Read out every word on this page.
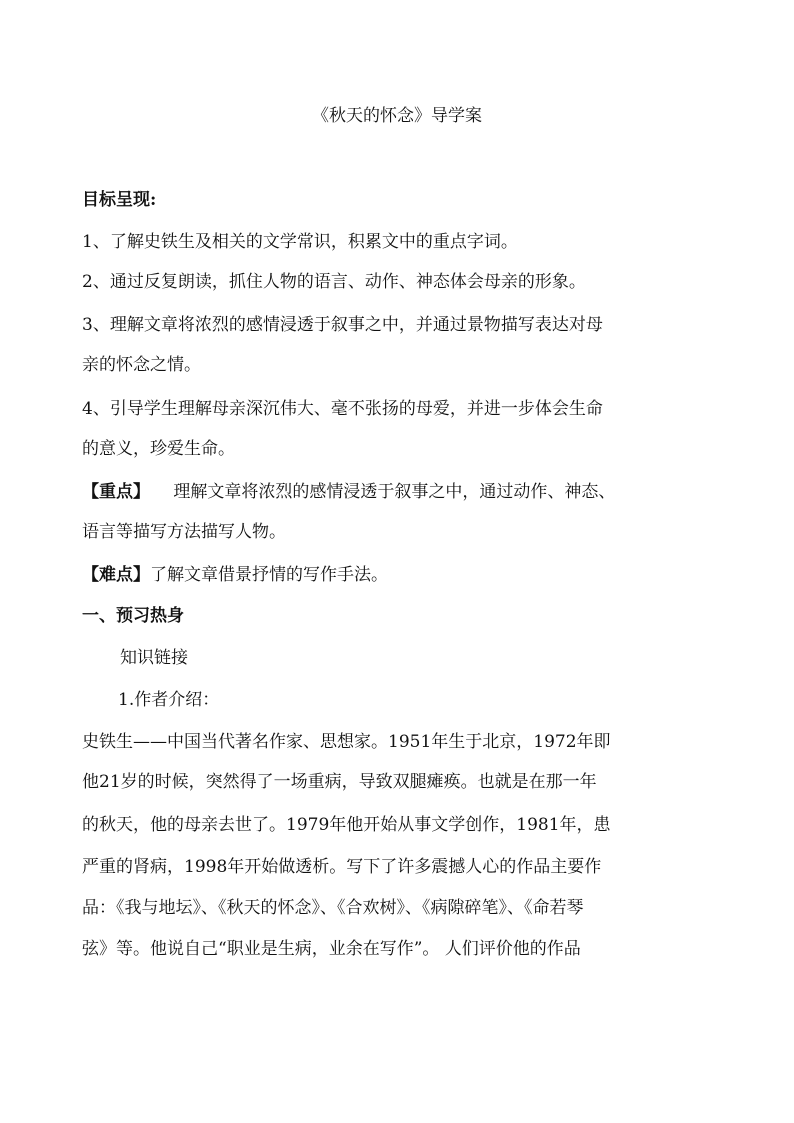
《秋天的怀念》导学案
目标呈现:
1、了解史铁生及相关的文学常识，积累文中的重点字词。
2、通过反复朗读，抓住人物的语言、动作、神态体会母亲的形象。
3、理解文章将浓烈的感情浸透于叙事之中，并通过景物描写表达对母
亲的怀念之情。
4、引导学生理解母亲深沉伟大、毫不张扬的母爱，并进一步体会生命
的意义，珍爱生命。
【重点】 理解文章将浓烈的感情浸透于叙事之中，通过动作、神态、
语言等描写方法描写人物。
【难点】了解文章借景抒情的写作手法。
一、预习热身
知识链接
1.作者介绍：
史铁生——中国当代著名作家、思想家。1951年生于北京，1972年即
他21岁的时候，突然得了一场重病，导致双腿瘫痪。也就是在那一年
的秋天，他的母亲去世了。1979年他开始从事文学创作，1981年，患
严重的肾病，1998年开始做透析。写下了许多震撼人心的作品主要作
品：《我与地坛》、《秋天的怀念》、《合欢树》、《病隙碎笔》、《命若琴
弦》等。他说自己“职业是生病，业余在写作”。 人们评价他的作品
